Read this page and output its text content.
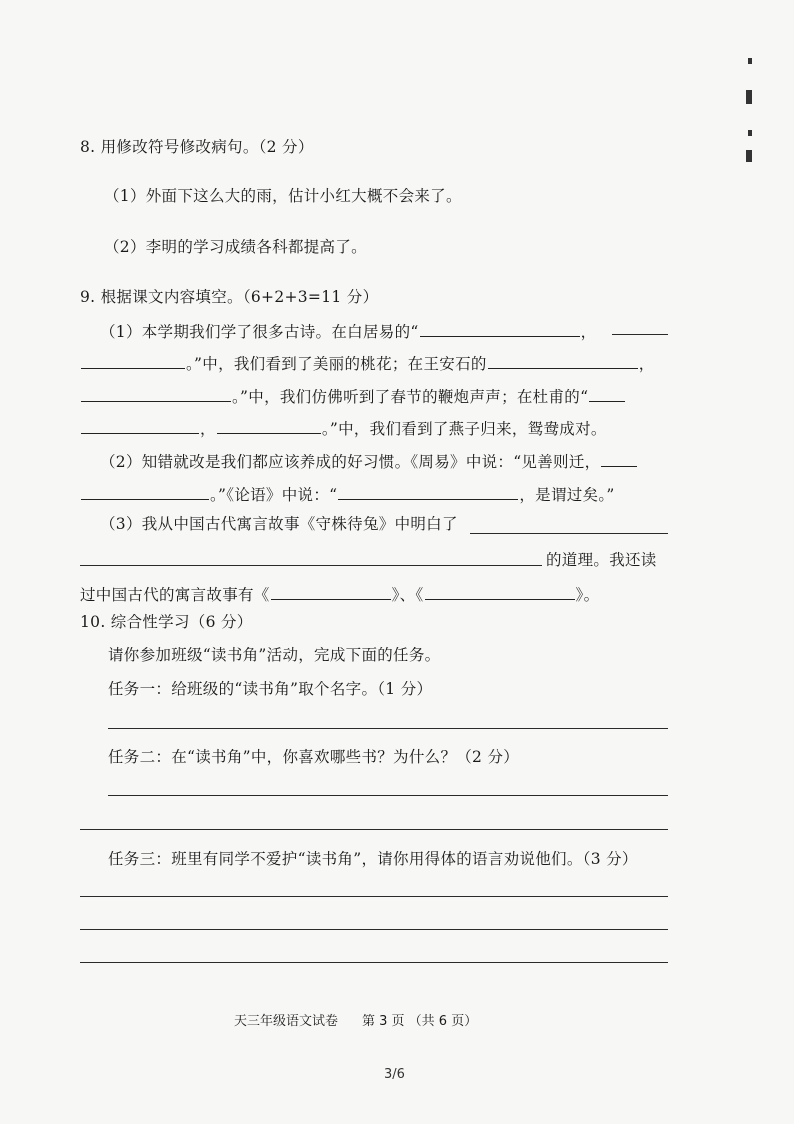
8. 用修改符号修改病句。（2 分）
（1）外面下这么大的雨，估计小红大概不会来了。
（2）李明的学习成绩各科都提高了。
9. 根据课文内容填空。（6+2+3=11 分）
（1）本学期我们学了很多古诗。在白居易的“	，
。”中，我们看到了美丽的桃花；在王安石的	，
。”中，我们仿佛听到了春节的鞭炮声声；在杜甫的“
，	。”中，我们看到了燕子归来，鸳鸯成对。
（2）知错就改是我们都应该养成的好习惯。《周易》中说：“见善则迁，
。”《论语》中说：“	，是谓过矣。”
（3）我从中国古代寓言故事《守株待兔》中明白了
的道理。我还读
过中国古代的寓言故事有《	》、《	》。
10. 综合性学习（6 分）
请你参加班级“读书角”活动，完成下面的任务。
任务一：给班级的“读书角”取个名字。（1 分）
任务二：在“读书角”中，你喜欢哪些书？为什么？（2 分）
任务三：班里有同学不爱护“读书角”，请你用得体的语言劝说他们。（3 分）
天三年级语文试卷 第 3 页 （共 6 页）
3/6
